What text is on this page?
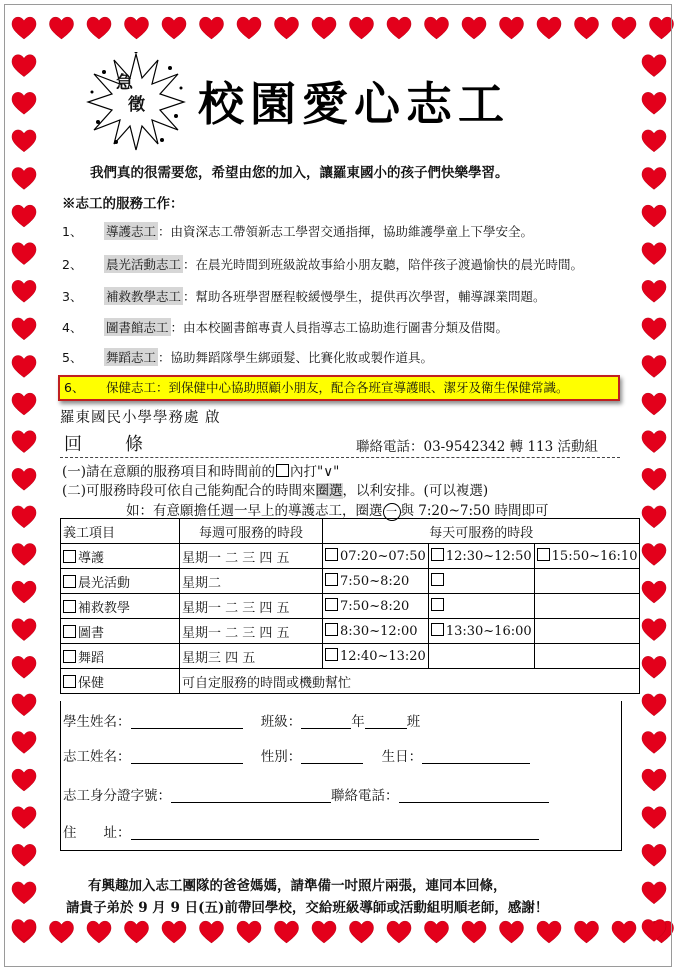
急
徵 校園愛心志工
我們真的很需要您，希望由您的加入，讓羅東國小的孩子們快樂學習。
※志工的服務工作：
1、 導護志工 ：由資深志工帶領新志工學習交通指揮，協助維護學童上下學安全。
2、 晨光活動志工 ：在晨光時間到班級說故事給小朋友聽，陪伴孩子渡過愉快的晨光時間。
3、 補救教學志工 ：幫助各班學習歷程較緩慢學生，提供再次學習，輔導課業問題。
4、 圖書館志工 ：由本校圖書館專責人員指導志工協助進行圖書分類及借閱。
5、 舞蹈志工 ：協助舞蹈隊學生綁頭髮、比賽化妝或製作道具。
6、 保健志工：到保健中心協助照顧小朋友，配合各班宣導護眼、潔牙及衛生保健常識。
羅東國民小學學務處 啟
回 條	聯絡電話：03-9542342 轉 113 活動組
(一)請在意願的服務項目和時間前的 內打"∨"
(二)可服務時段可依自己能夠配合的時間來圈選，以利安排。(可以複選)
如：有意願擔任週一早上的導護志工，圈選 一 與 7:20~7:50 時間即可
義工項目	每週可服務的時段	每天可服務的時段		
導護	星期一 二 三 四 五	07:20~07:50	12:30~12:50	15:50~16:10
晨光活動	星期二	7:50~8:20		
補救教學	星期一 二 三 四 五	7:50~8:20		
圖書	星期一 二 三 四 五	8:30~12:00	13:30~16:00	
舞蹈	星期三 四 五	12:40~13:20		
保健	可自定服務的時間或機動幫忙			
學生姓名：	班級：	年	班
志工姓名：	性別：	生日：
志工身分證字號：	聯絡電話：
住　　址：
有興趣加入志工團隊的爸爸媽媽，請準備一吋照片兩張，連同本回條，
請貴子弟於 9 月 9 日(五)前帶回學校，交給班級導師或活動組明順老師，感謝！
